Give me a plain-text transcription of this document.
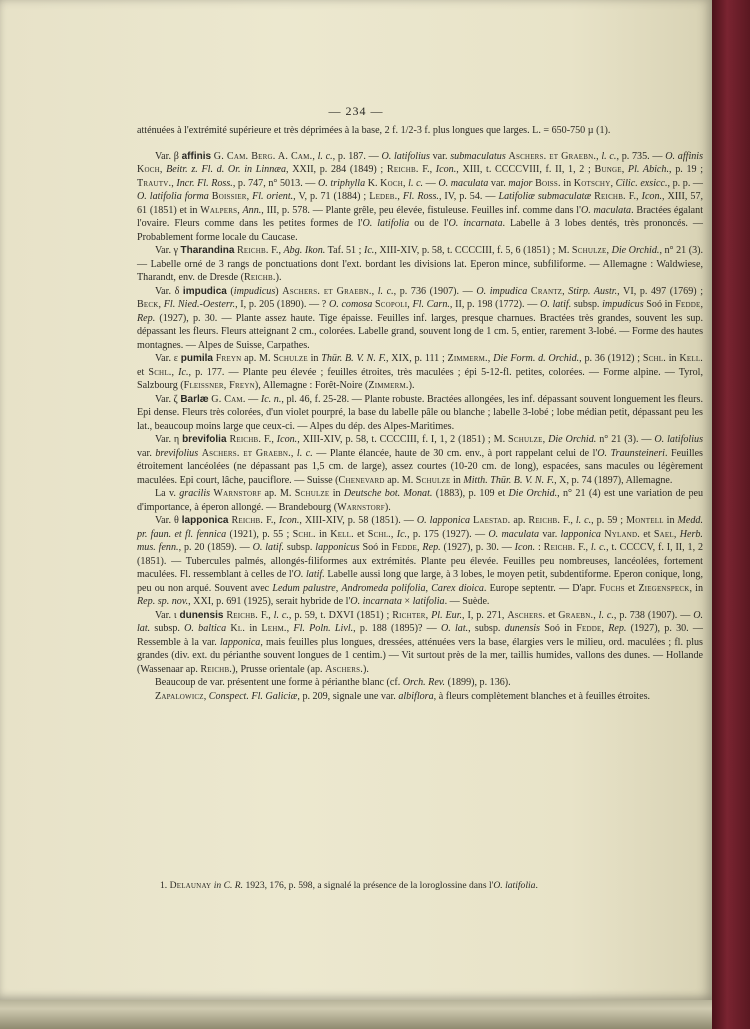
— 234 —

atténuées à l'extrémité supérieure et très déprimées à la base, 2 f. 1/2-3 f. plus longues que larges. L. = 650-750 µ (1).

Var. β affinis G. Cam. Berg. A. Cam., l. c., p. 187. — O. latifolius var. submaculatus Aschers. et Graebn., l. c., p. 735. — O. affinis Koch, Beitr. z. Fl. d. Or. in Linnæa, XXII, p. 284 (1849) ; Reichb. F., Icon., XIII, t. CCCCVIII, f. II, 1, 2 ; Bunge, Pl. Abich., p. 19 ; Trautv., Incr. Fl. Ross., p. 747, n° 5013. — O. triphylla K. Koch, l. c. — O. maculata var. major Boiss. in Kotschy, Cilic. exsicc., p. p. — O. latifolia forma Boissier, Fl. orient., V, p. 71 (1884) ; Ledeb., Fl. Ross., IV, p. 54. — Latifoliæ submaculatæ Reichb. F., Icon., XIII, 57, 61 (1851) et in Walpers, Ann., III, p. 578. — Plante grêle, peu élevée, fistuleuse. Feuilles inf. comme dans l'O. maculata. Bractées égalant l'ovaire. Fleurs comme dans les petites formes de l'O. latifolia ou de l'O. incarnata. Labelle à 3 lobes dentés, très prononcés. — Probablement forme locale du Caucase.

Var. γ Tharandina Reichb. F., Abg. Ikon. Taf. 51 ; Ic., XIII-XIV, p. 58, t. CCCCIII, f. 5, 6 (1851) ; M. Schulze, Die Orchid., n° 21 (3). — Labelle orné de 3 rangs de ponctuations dont l'ext. bordant les divisions lat. Eperon mince, subfiliforme. — Allemagne : Waldwiese, Tharandt, env. de Dresde (Reichb.).

Var. δ impudica (impudicus) Aschers. et Graebn., l. c., p. 736 (1907). — O. impudica Crantz, Stirp. Austr., VI, p. 497 (1769) ; Beck, Fl. Nied.-Oesterr., I, p. 205 (1890). — ? O. comosa Scopoli, Fl. Carn., II, p. 198 (1772). — O. latif. subsp. impudicus Soó in Fedde, Rep. (1927), p. 30. — Plante assez haute. Tige épaisse. Feuilles inf. larges, presque charnues. Bractées très grandes, souvent les sup. dépassant les fleurs. Fleurs atteignant 2 cm., colorées. Labelle grand, souvent long de 1 cm. 5, entier, rarement 3-lobé. — Forme des hautes montagnes. — Alpes de Suisse, Carpathes.

Var. ε pumila Freyn ap. M. Schulze in Thür. B. V. N. F., XIX, p. 111 ; Zimmerm., Die Form. d. Orchid., p. 36 (1912) ; Schl. in Kell. et Schl., Ic., p. 177. — Plante peu élevée ; feuilles étroites, très maculées ; épi 5-12-fl. petites, colorées. — Forme alpine. — Tyrol, Salzbourg (Fleissner, Freyn), Allemagne : Forêt-Noire (Zimmerm.).

Var. ζ Barlæ G. Cam. — Ic. n., pl. 46, f. 25-28. — Plante robuste. Bractées allongées, les inf. dépassant souvent longuement les fleurs. Epi dense. Fleurs très colorées, d'un violet pourpré, la base du labelle pâle ou blanche ; labelle 3-lobé ; lobe médian petit, dépassant peu les lat., beaucoup moins large que ceux-ci. — Alpes du dép. des Alpes-Maritimes.

Var. η brevifolia Reichb. F., Icon., XIII-XIV, p. 58, t. CCCCIII, f. I, 1, 2 (1851) ; M. Schulze, Die Orchid. n° 21 (3). — O. latifolius var. brevifolius Aschers. et Graebn., l. c. — Plante élancée, haute de 30 cm. env., à port rappelant celui de l'O. Traunsteineri. Feuilles étroitement lancéolées (ne dépassant pas 1,5 cm. de large), assez courtes (10-20 cm. de long), espacées, sans macules ou légèrement maculées. Epi court, lâche, pauciflore. — Suisse (Chenevard ap. M. Schulze in Mitth. Thür. B. V. N. F., X, p. 74 (1897), Allemagne.

La v. gracilis Warnstorf ap. M. Schulze in Deutsche bot. Monat. (1883), p. 109 et Die Orchid., n° 21 (4) est une variation de peu d'importance, à éperon allongé. — Brandebourg (Warnstorf).

Var. θ lapponica Reichb. F., Icon., XIII-XIV, p. 58 (1851). — O. lapponica Laestad. ap. Reichb. F., l. c., p. 59 ; Montell in Medd. pr. faun. et fl. fennica (1921), p. 55 ; Schl. in Kell. et Schl., Ic., p. 175 (1927). — O. maculata var. lapponica Nyland. et Sael, Herb. mus. fenn., p. 20 (1859). — O. latif. subsp. lapponicus Soó in Fedde, Rep. (1927), p. 30. — Icon. : Reichb. F., l. c., t. CCCCV, f. I, II, 1, 2 (1851). — Tubercules palmés, allongés-filiformes aux extrémités. Plante peu élevée. Feuilles peu nombreuses, lancéolées, fortement maculées. Fl. ressemblant à celles de l'O. latif. Labelle aussi long que large, à 3 lobes, le moyen petit, subdentiforme. Eperon conique, long, peu ou non arqué. Souvent avec Ledum palustre, Andromeda polifolia, Carex dioica. Europe septentr. — D'apr. Fuchs et Ziegenspeck, in Rep. sp. nov., XXI, p. 691 (1925), serait hybride de l'O. incarnata × latifolia. — Suède.

Var. ι dunensis Reichb. F., l. c., p. 59, t. DXVI (1851) ; Richter, Pl. Eur., I, p. 271, Aschers. et Graebn., l. c., p. 738 (1907). — O. lat. subsp. O. baltica Kl. in Lehm., Fl. Poln. Livl., p. 188 (1895)? — O. lat., subsp. dunensis Soó in Fedde, Rep. (1927), p. 30. — Ressemble à la var. lapponica, mais feuilles plus longues, dressées, atténuées vers la base, élargies vers le milieu, ord. maculées ; fl. plus grandes (div. ext. du périanthe souvent longues de 1 centim.) — Vit surtout près de la mer, taillis humides, vallons des dunes. — Hollande (Wassenaar ap. Reichb.), Prusse orientale (ap. Aschers.).

Beaucoup de var. présentent une forme à périanthe blanc (cf. Orch. Rev. (1899), p. 136).

Zapalowicz, Conspect. Fl. Galiciæ, p. 209, signale une var. albiflora, à fleurs complètement blanches et à feuilles étroites.

1. Delaunay in C. R. 1923, 176, p. 598, a signalé la présence de la loroglossine dans l'O. latifolia.
